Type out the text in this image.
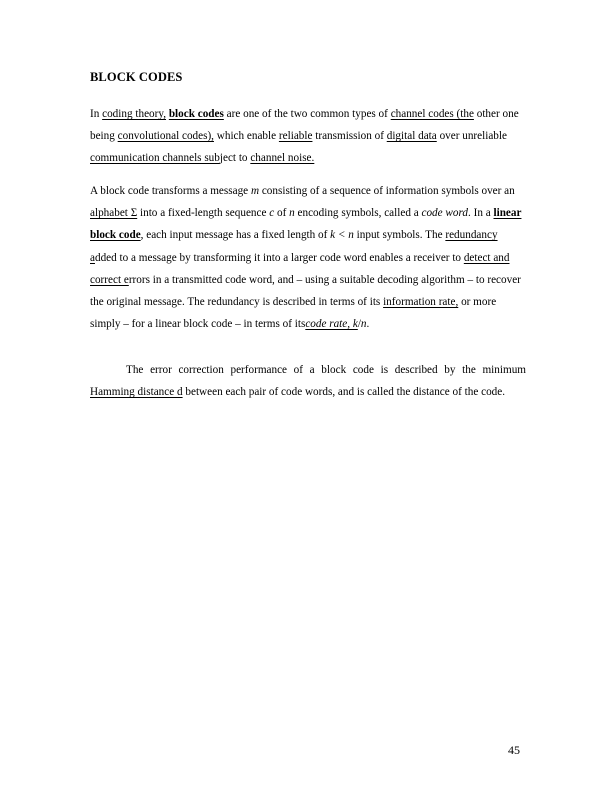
BLOCK CODES

In coding theory, block codes are one of the two common types of channel codes (the other one being convolutional codes), which enable reliable transmission of digital data over unreliable communication channels subject to channel noise.

A block code transforms a message m consisting of a sequence of information symbols over an alphabet Σ into a fixed-length sequence c of n encoding symbols, called a code word. In a linear block code, each input message has a fixed length of k < n input symbols. The redundancy added to a message by transforming it into a larger code word enables a receiver to detect and correct errors in a transmitted code word, and – using a suitable decoding algorithm – to recover the original message. The redundancy is described in terms of its information rate, or more simply – for a linear block code – in terms of itscode rate, k/n.

The error correction performance of a block code is described by the minimum Hamming distance d between each pair of code words, and is called the distance of the code.

45
